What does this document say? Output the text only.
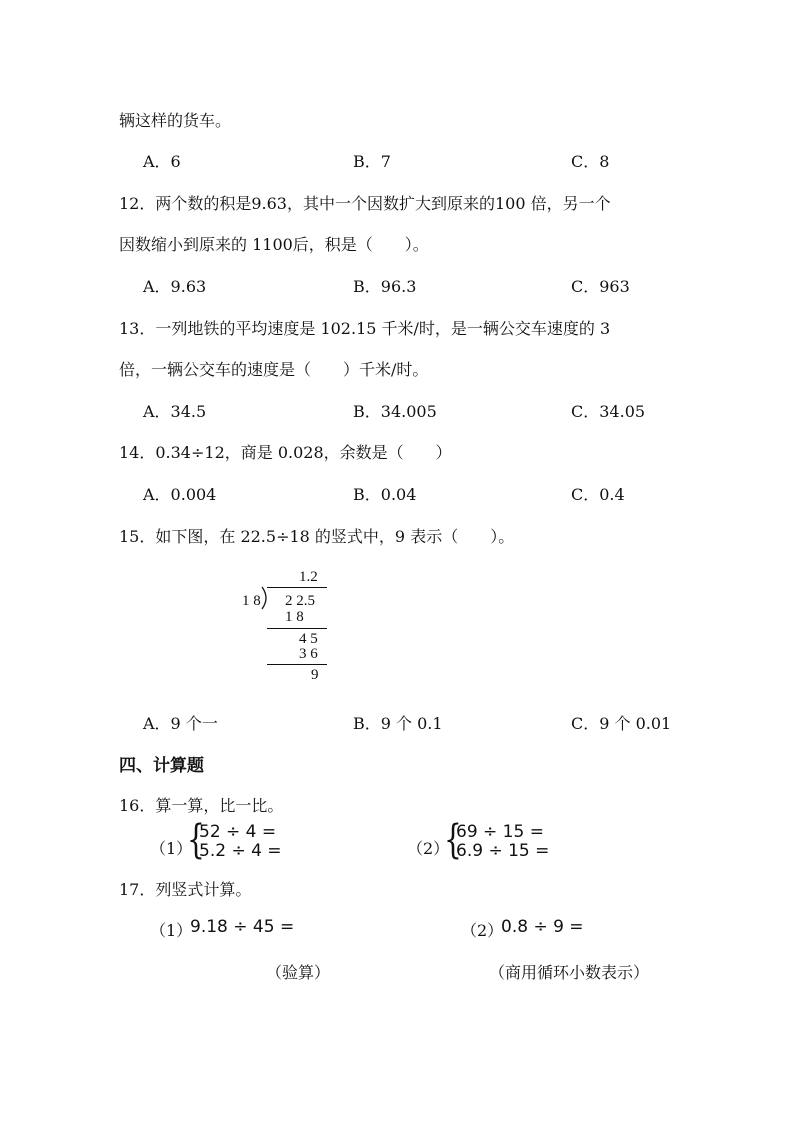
辆这样的货车。
A．6	B．7	C．8
12．两个数的积是9.63，其中一个因数扩大到原来的100 倍，另一个
因数缩小到原来的 1100后，积是（　　）。
A．9.63	B．96.3	C．963
13．一列地铁的平均速度是 102.15 千米/时，是一辆公交车速度的 3
倍，一辆公交车的速度是（　　）千米/时。
A．34.5	B．34.005	C．34.05
14．0.34÷12，商是 0.028，余数是（　　）
A．0.004	B．0.04	C．0.4
15．如下图，在 22.5÷18 的竖式中，9 表示（　　）。
1.2
1 8 2 2.5
1 8
4 5
3 6
9
A．9 个一	B．9 个 0.1	C．9 个 0.01
四、计算题
16．算一算，比一比。
（1）
{
52 ÷ 4 =
5.2 ÷ 4 =	（2）
{
69 ÷ 15 =
6.9 ÷ 15 =
17．列竖式计算。
（1）
9.18 ÷ 45 =	（2）
0.8 ÷ 9 =
（验算）	（商用循环小数表示）
